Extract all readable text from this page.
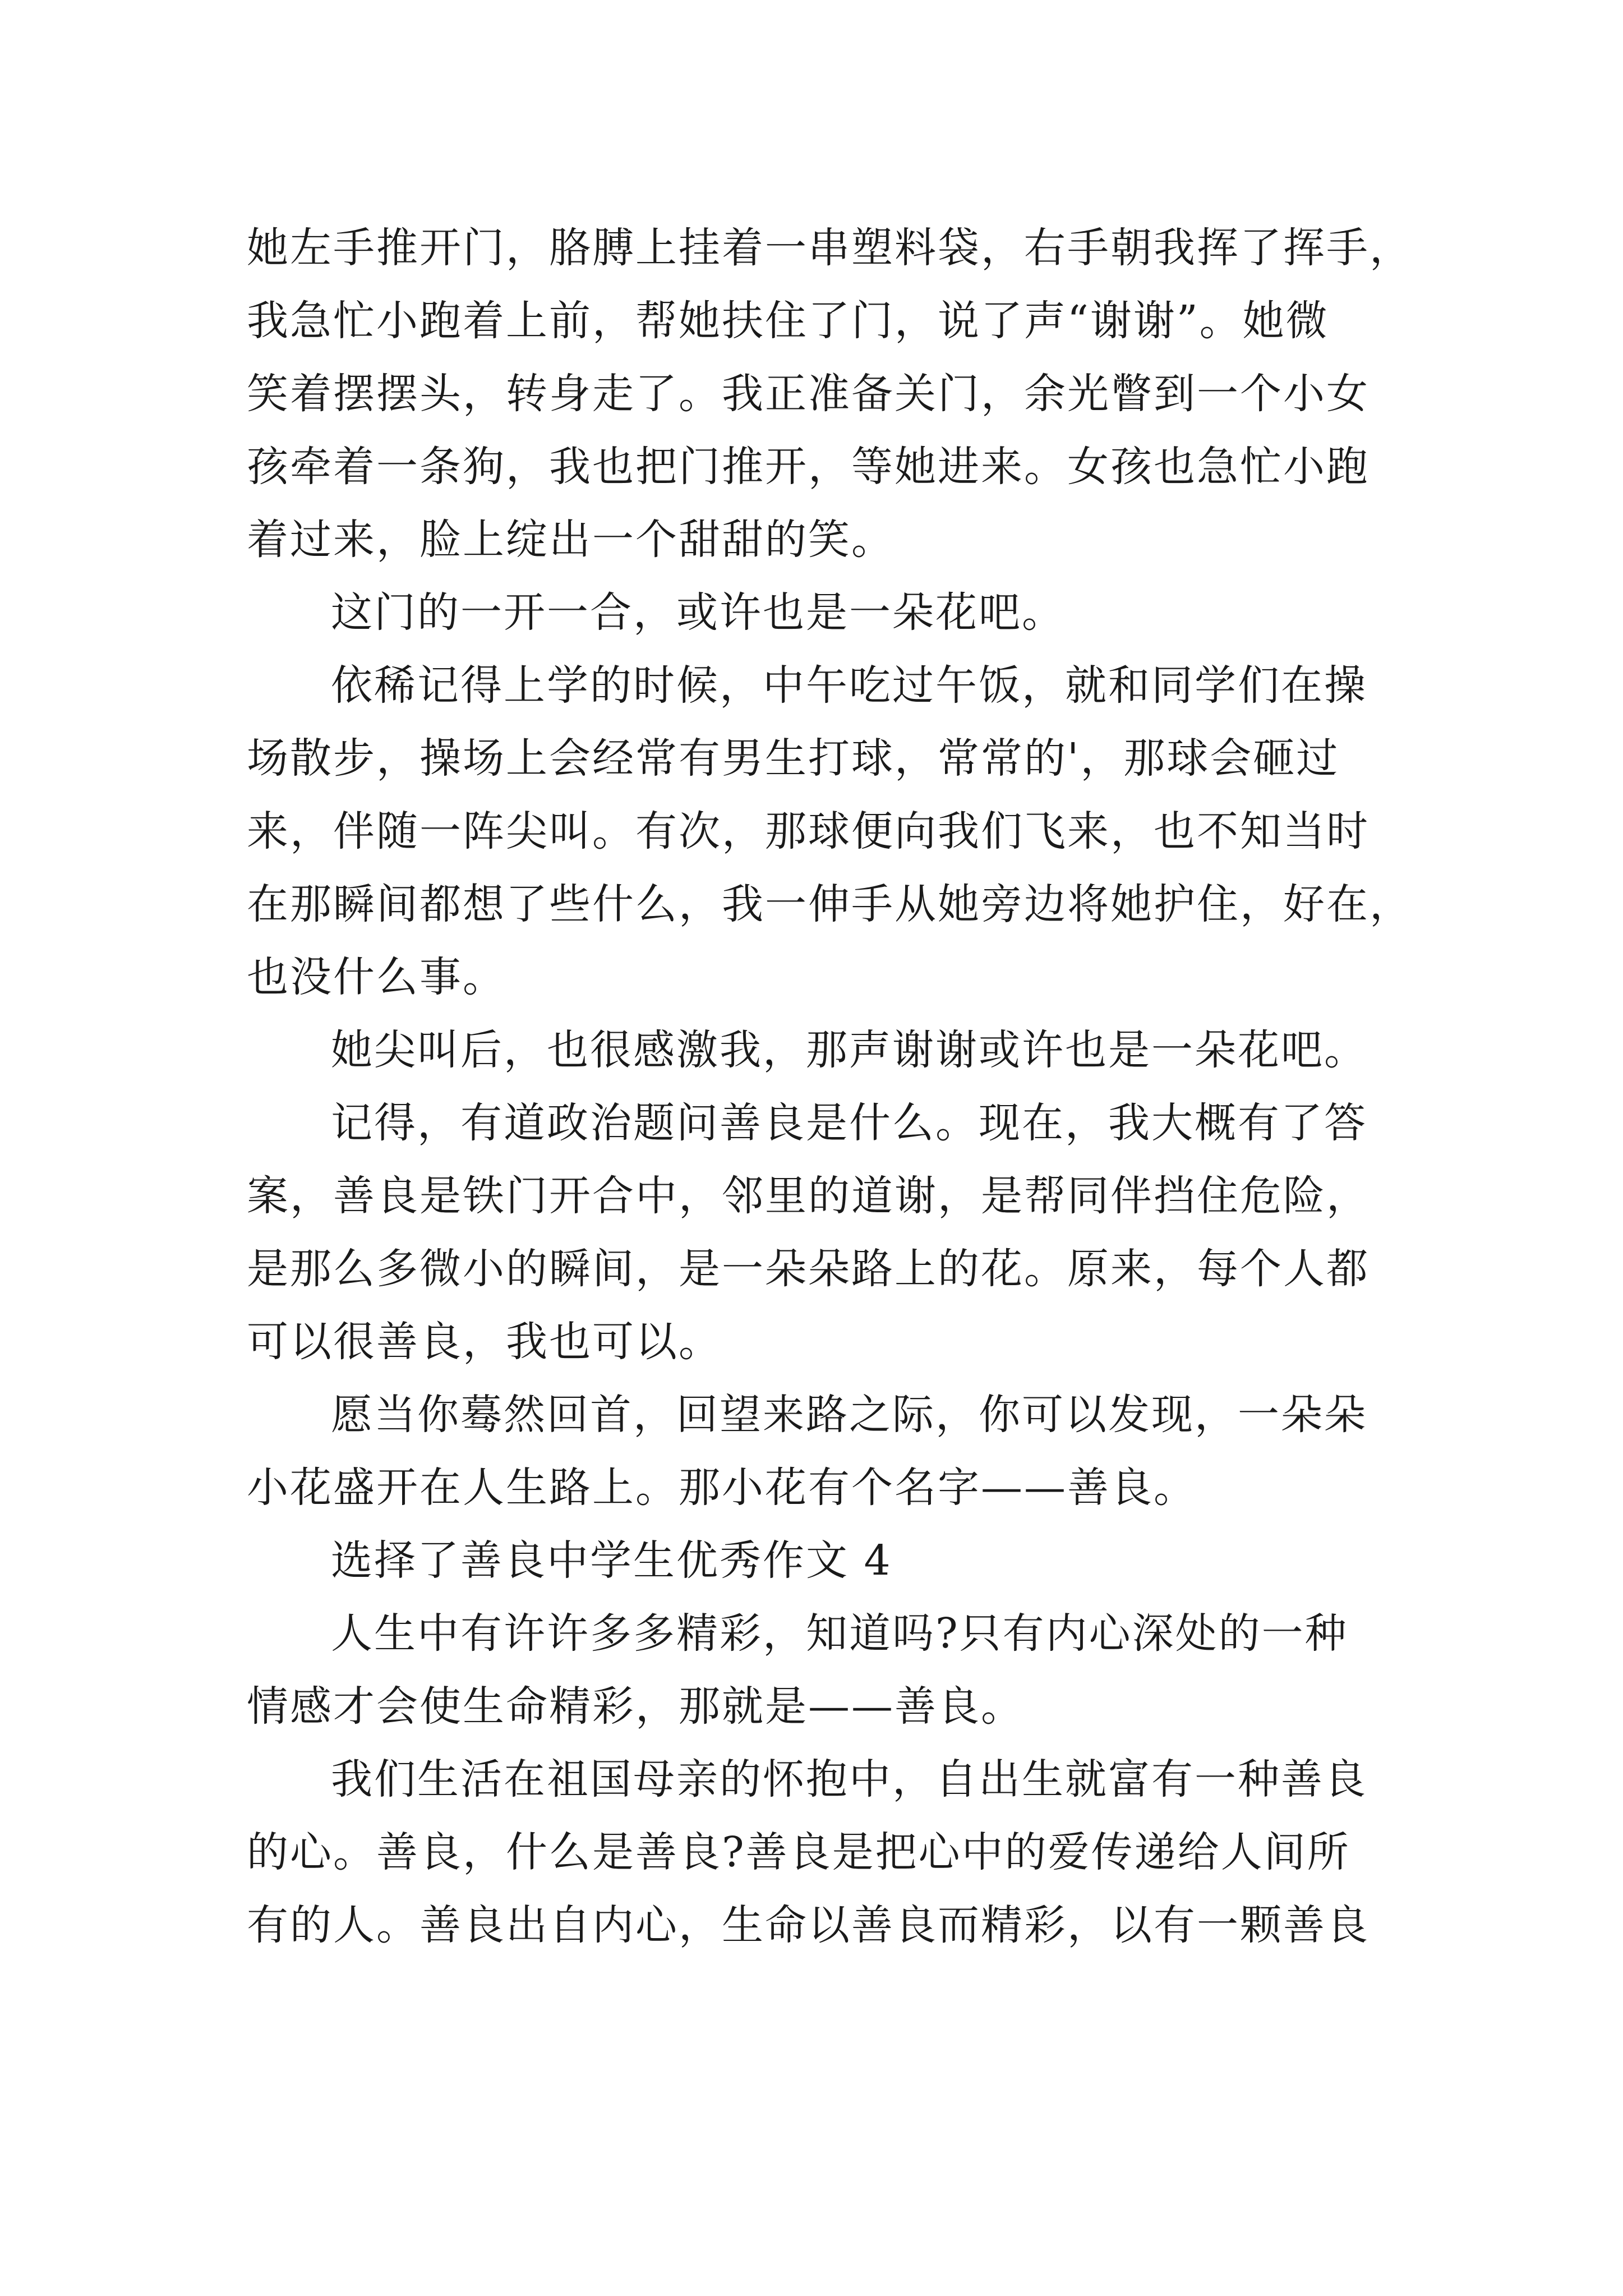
她左手推开门，胳膊上挂着一串塑料袋，右手朝我挥了挥手，
我急忙小跑着上前，帮她扶住了门，说了声“谢谢”。她微
笑着摆摆头，转身走了。我正准备关门，余光瞥到一个小女
孩牵着一条狗，我也把门推开，等她进来。女孩也急忙小跑
着过来，脸上绽出一个甜甜的笑。
这门的一开一合，或许也是一朵花吧。
依稀记得上学的时候，中午吃过午饭，就和同学们在操
场散步，操场上会经常有男生打球，常常的'，那球会砸过
来，伴随一阵尖叫。有次，那球便向我们飞来，也不知当时
在那瞬间都想了些什么，我一伸手从她旁边将她护住，好在，
也没什么事。
她尖叫后，也很感激我，那声谢谢或许也是一朵花吧。
记得，有道政治题问善良是什么。现在，我大概有了答
案，善良是铁门开合中，邻里的道谢，是帮同伴挡住危险，
是那么多微小的瞬间，是一朵朵路上的花。原来，每个人都
可以很善良，我也可以。
愿当你蓦然回首，回望来路之际，你可以发现，一朵朵
小花盛开在人生路上。那小花有个名字——善良。
选择了善良中学生优秀作文 4
人生中有许许多多精彩，知道吗?只有内心深处的一种
情感才会使生命精彩，那就是——善良。
我们生活在祖国母亲的怀抱中，自出生就富有一种善良
的心。善良，什么是善良?善良是把心中的爱传递给人间所
有的人。善良出自内心，生命以善良而精彩，以有一颗善良
